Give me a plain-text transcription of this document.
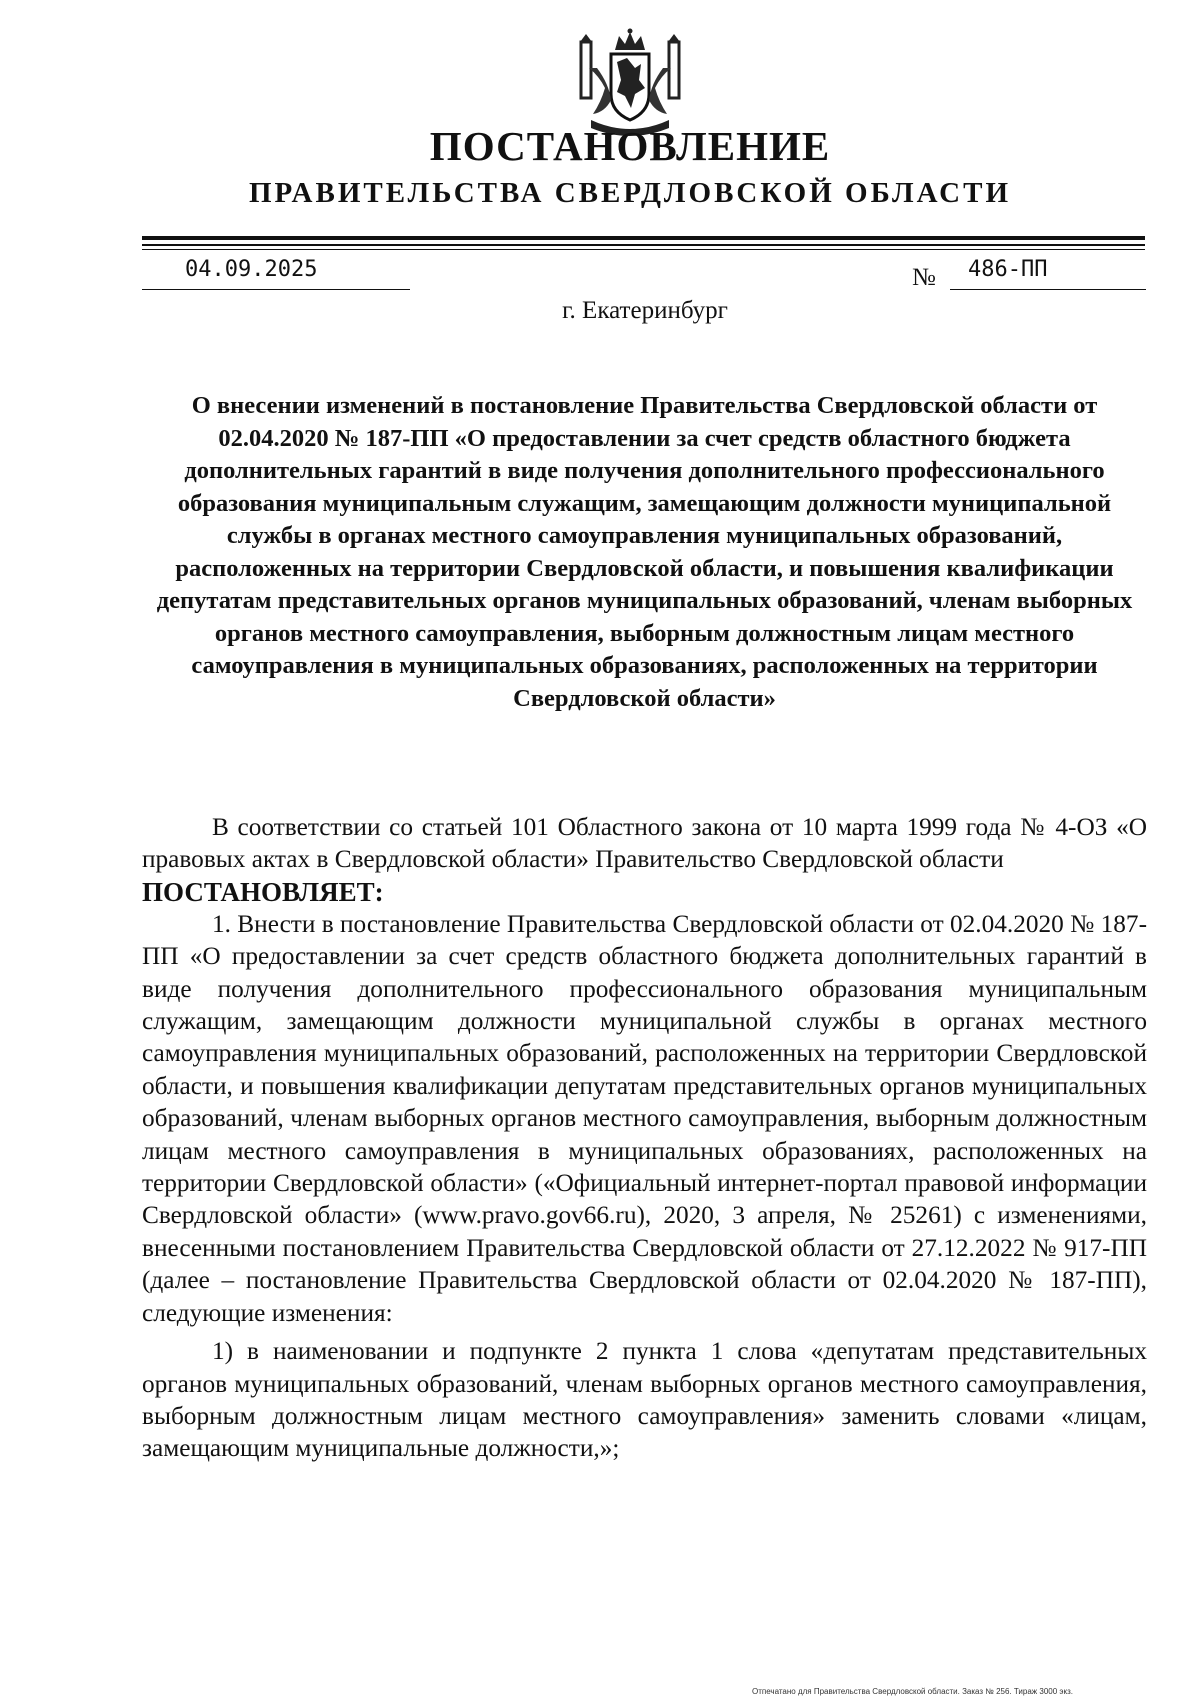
ПОСТАНОВЛЕНИЕ
ПРАВИТЕЛЬСТВА СВЕРДЛОВСКОЙ ОБЛАСТИ
04.09.2025	№ 486-ПП
г. Екатеринбург
О внесении изменений в постановление Правительства Свердловской области от 02.04.2020 № 187-ПП «О предоставлении за счет средств областного бюджета дополнительных гарантий в виде получения дополнительного профессионального образования муниципальным служащим, замещающим должности муниципальной службы в органах местного самоуправления муниципальных образований, расположенных на территории Свердловской области, и повышения квалификации депутатам представительных органов муниципальных образований, членам выборных органов местного самоуправления, выборным должностным лицам местного самоуправления в муниципальных образованиях, расположенных на территории Свердловской области»

В соответствии со статьей 101 Областного закона от 10 марта 1999 года № 4-ОЗ «О правовых актах в Свердловской области» Правительство Свердловской области

ПОСТАНОВЛЯЕТ:

1. Внести в постановление Правительства Свердловской области от 02.04.2020 № 187-ПП «О предоставлении за счет средств областного бюджета дополнительных гарантий в виде получения дополнительного профессионального образования муниципальным служащим, замещающим должности муниципальной службы в органах местного самоуправления муниципальных образований, расположенных на территории Свердловской области, и повышения квалификации депутатам представительных органов муниципальных образований, членам выборных органов местного самоуправления, выборным должностным лицам местного самоуправления в муниципальных образованиях, расположенных на территории Свердловской области» («Официальный интернет-портал правовой информации Свердловской области» (www.pravo.gov66.ru), 2020, 3 апреля, № 25261) с изменениями, внесенными постановлением Правительства Свердловской области от 27.12.2022 № 917-ПП (далее – постановление Правительства Свердловской области от 02.04.2020 № 187-ПП), следующие изменения:

1) в наименовании и подпункте 2 пункта 1 слова «депутатам представительных органов муниципальных образований, членам выборных органов местного самоуправления, выборным должностным лицам местного самоуправления» заменить словами «лицам, замещающим муниципальные должности,»;

Отпечатано для Правительства Свердловской области. Заказ № 256. Тираж 3000 экз.
